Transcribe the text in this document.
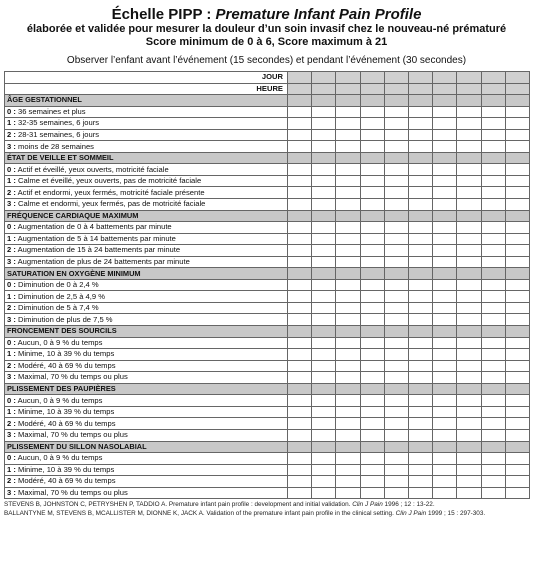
Échelle PIPP : Premature Infant Pain Profile
élaborée et validée pour mesurer la douleur d’un soin invasif chez le nouveau-né prématuré
Score minimum de 0 à 6, Score maximum à 21
Observer l’enfant avant l’événement (15 secondes) et pendant l’événement (30 secondes)
JOUR										
HEURE										
ÂGE GESTATIONNEL										
0 : 36 semaines et plus										
1 : 32-35 semaines, 6 jours										
2 : 28-31 semaines, 6 jours										
3 : moins de 28 semaines										
ÉTAT DE VEILLE ET SOMMEIL										
0 : Actif et éveillé, yeux ouverts, motricité faciale										
1 : Calme et éveillé, yeux ouverts, pas de motricité faciale										
2 : Actif et endormi, yeux fermés, motricité faciale présente										
3 : Calme et endormi, yeux fermés, pas de motricité faciale										
FRÉQUENCE CARDIAQUE MAXIMUM										
0 : Augmentation de 0 à 4 battements par minute										
1 : Augmentation de 5 à 14 battements par minute										
2 : Augmentation de 15 à 24 battements par minute										
3 : Augmentation de plus de 24 battements par minute										
SATURATION EN OXYGÈNE MINIMUM										
0 : Diminution de 0 à 2,4 %										
1 : Diminution de 2,5 à 4,9 %										
2 : Diminution de 5 à 7,4 %										
3 : Diminution de plus de 7,5 %										
FRONCEMENT DES SOURCILS										
0 : Aucun, 0 à 9 % du temps										
1 : Minime, 10 à 39 % du temps										
2 : Modéré, 40 à 69 % du temps										
3 : Maximal, 70 % du temps ou plus										
PLISSEMENT DES PAUPIÈRES										
0 : Aucun, 0 à 9 % du temps										
1 : Minime, 10 à 39 % du temps										
2 : Modéré, 40 à 69 % du temps										
3 : Maximal, 70 % du temps ou plus										
PLISSEMENT DU SILLON NASOLABIAL										
0 : Aucun, 0 à 9 % du temps										
1 : Minime, 10 à 39 % du temps										
2 : Modéré, 40 à 69 % du temps										
3 : Maximal, 70 % du temps ou plus										
STEVENS B, JOHNSTON C, PETRYSHEN P, TADDIO A. Premature infant pain profile : development and initial validation. Clin J Pain 1996 ; 12 : 13-22.
BALLANTYNE M, STEVENS B, MCALLISTER M, DIONNE K, JACK A. Validation of the premature infant pain profile in the clinical setting. Clin J Pain 1999 ; 15 : 297-303.
